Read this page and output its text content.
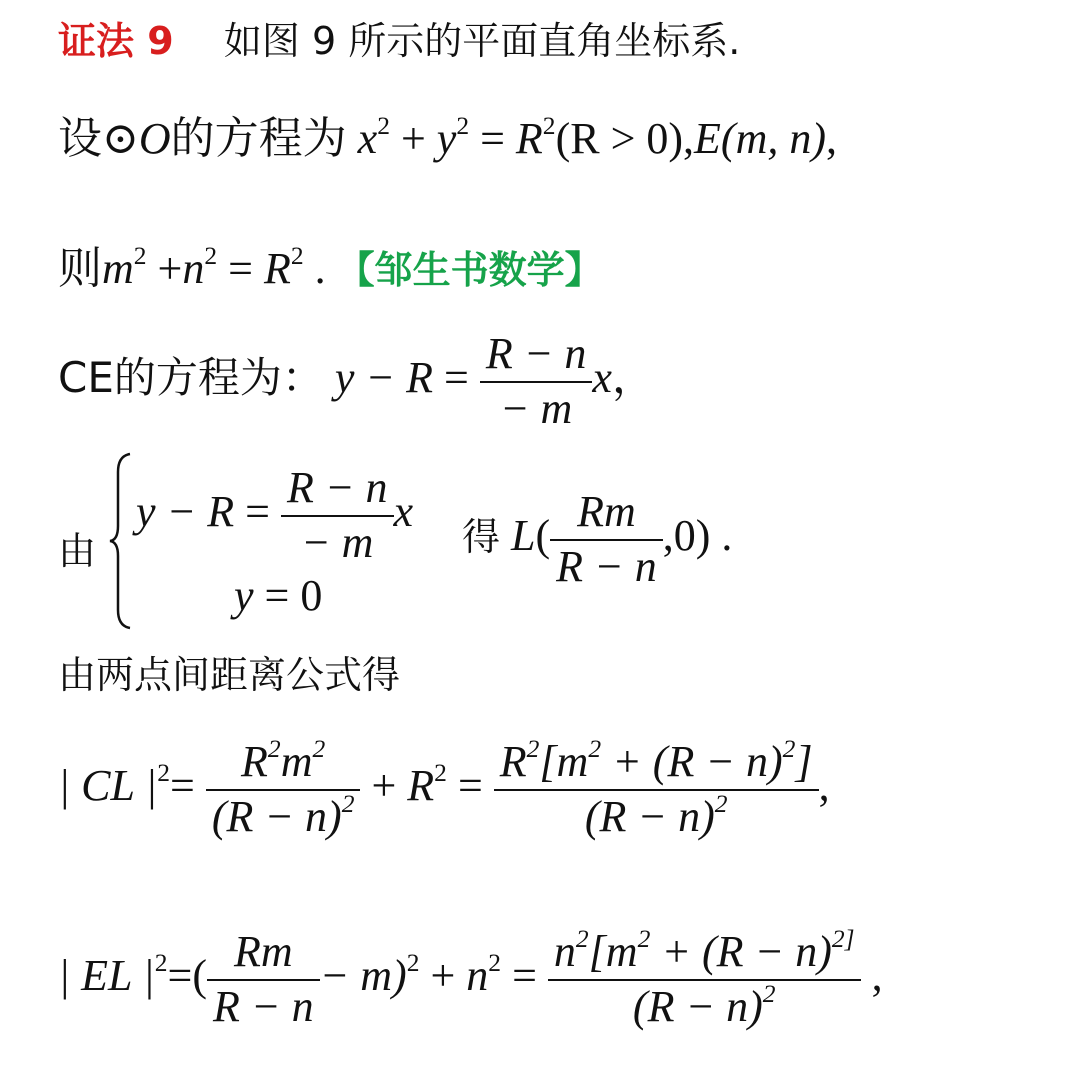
证法 9 如图 9 所示的平面直角坐标系.
设⊙O的方程为 $x^2 + y^2 = R^2(R > 0),E(m$, n),
则$m^2 +n^2 = R^2$ . 【邹生书数学】
CE的方程为： $y - R = \frac{R - n}{- m}$ x，
由
$y - R = \frac{R - n}{- m}$ x
y = 0
得 $L( \frac{Rm}{R - n} ,0)$ .
由两点间距离公式得
| CL $|^2= \frac{R^2m^2}{(R - n)^2} + R^2 = \frac{R^2[m^2 + (R - n)^2]}{(R - n)^2}$ ,
| EL $|^2=( \frac{Rm}{R - n} - m)^2 + n^2 = \frac{n^2[m^2 + (R - n)^{2]}}{(R - n)^2}$ ,
